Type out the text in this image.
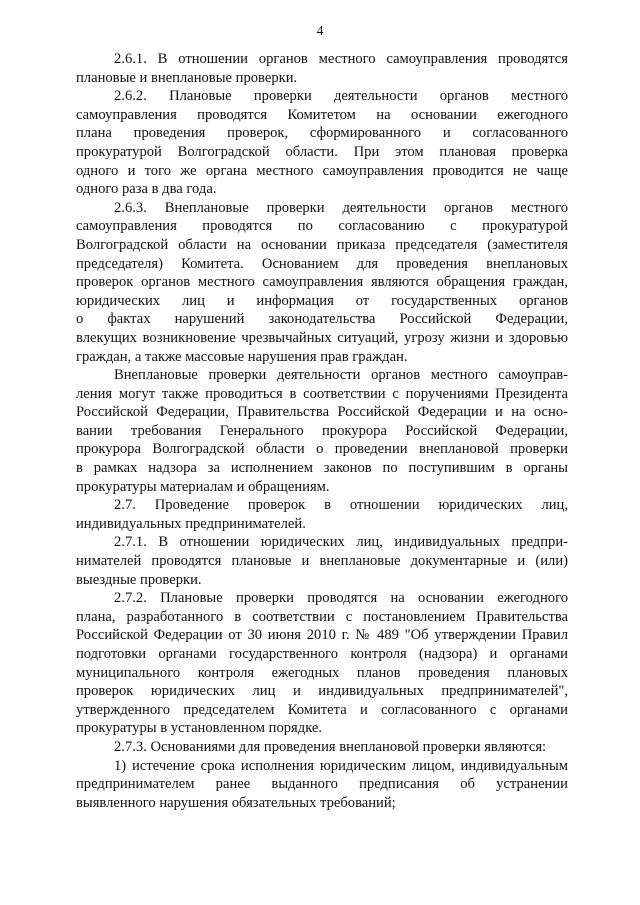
4
2.6.1. В отношении органов местного самоуправления проводятся
плановые и внеплановые проверки.
2.6.2. Плановые проверки деятельности органов местного
самоуправления проводятся Комитетом на основании ежегодного
плана проведения проверок, сформированного и согласованного
прокуратурой Волгоградской области. При этом плановая проверка
одного и того же органа местного самоуправления проводится не чаще
одного раза в два года.
2.6.3. Внеплановые проверки деятельности органов местного
самоуправления проводятся по согласованию с прокуратурой
Волгоградской области на основании приказа председателя (заместителя
председателя) Комитета. Основанием для проведения внеплановых
проверок органов местного самоуправления являются обращения граждан,
юридических лиц и информация от государственных органов
о фактах нарушений законодательства Российской Федерации,
влекущих возникновение чрезвычайных ситуаций, угрозу жизни и здоровью
граждан, а также массовые нарушения прав граждан.
Внеплановые проверки деятельности органов местного самоуправ-
ления могут также проводиться в соответствии с поручениями Президента
Российской Федерации, Правительства Российской Федерации и на осно-
вании требования Генерального прокурора Российской Федерации,
прокурора Волгоградской области о проведении внеплановой проверки
в рамках надзора за исполнением законов по поступившим в органы
прокуратуры материалам и обращениям.
2.7. Проведение проверок в отношении юридических лиц,
индивидуальных предпринимателей.
2.7.1. В отношении юридических лиц, индивидуальных предпри-
нимателей проводятся плановые и внеплановые документарные и (или)
выездные проверки.
2.7.2. Плановые проверки проводятся на основании ежегодного
плана, разработанного в соответствии с постановлением Правительства
Российской Федерации от 30 июня 2010 г. № 489 "Об утверждении Правил
подготовки органами государственного контроля (надзора) и органами
муниципального контроля ежегодных планов проведения плановых
проверок юридических лиц и индивидуальных предпринимателей",
утвержденного председателем Комитета и согласованного с органами
прокуратуры в установленном порядке.
2.7.3. Основаниями для проведения внеплановой проверки являются:
1) истечение срока исполнения юридическим лицом, индивидуальным
предпринимателем ранее выданного предписания об устранении
выявленного нарушения обязательных требований;
